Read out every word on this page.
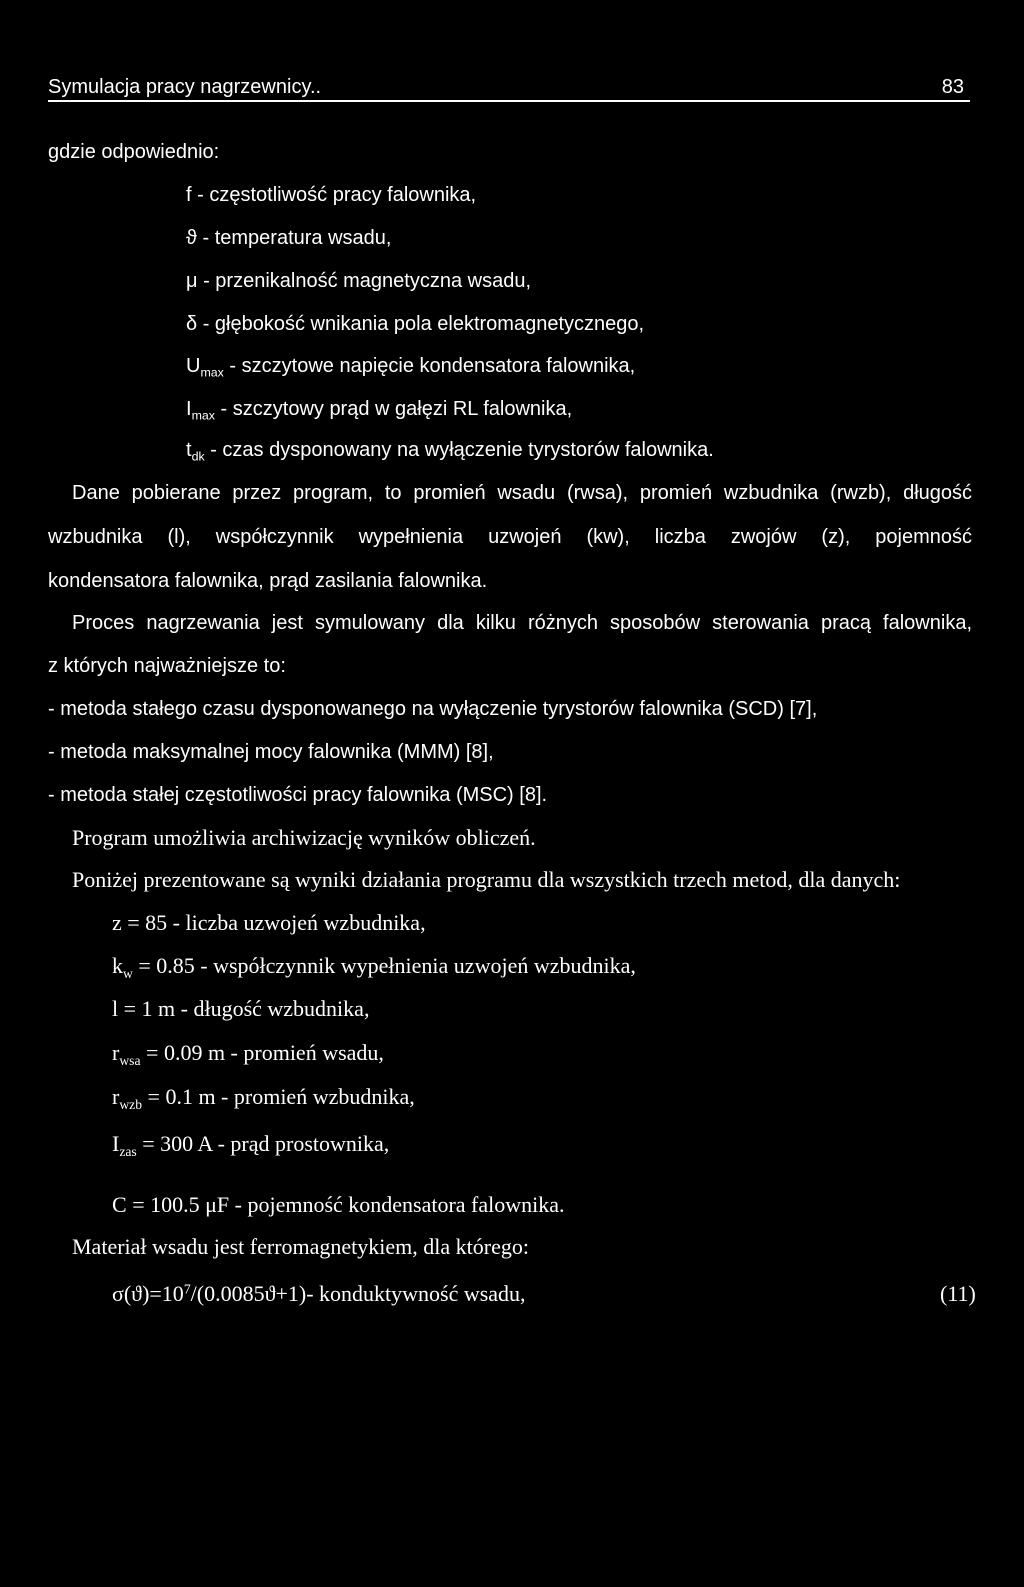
Symulacja pracy nagrzewnicy..	83
gdzie odpowiednio:
f - częstotliwość pracy falownika,
ϑ - temperatura wsadu,
μ - przenikalność magnetyczna wsadu,
δ - głębokość wnikania pola elektromagnetycznego,
$U_{max}$ - szczytowe napięcie kondensatora falownika,
$I_{max}$ - szczytowy prąd w gałęzi RL falownika,
$t_{dk}$ - czas dysponowany na wyłączenie tyrystorów falownika.
Dane pobierane przez program, to promień wsadu (rwsa), promień wzbudnika (rwzb), długość
wzbudnika (l), współczynnik wypełnienia uzwojeń (kw), liczba zwojów (z), pojemność
kondensatora falownika, prąd zasilania falownika.
Proces nagrzewania jest symulowany dla kilku różnych sposobów sterowania pracą falownika,
z których najważniejsze to:
- metoda stałego czasu dysponowanego na wyłączenie tyrystorów falownika (SCD) [7],
- metoda maksymalnej mocy falownika (MMM) [8],
- metoda stałej częstotliwości pracy falownika (MSC) [8].
Program umożliwia archiwizację wyników obliczeń.
Poniżej prezentowane są wyniki działania programu dla wszystkich trzech metod, dla danych:
z = 85 - liczba uzwojeń wzbudnika,
$k_w = 0.85$ - współczynnik wypełnienia uzwojeń wzbudnika,
l = 1 m - długość wzbudnika,
$r_{wsa} = 0.09$ m - promień wsadu,
$r_{wzb} = 0.1$ m - promień wzbudnika,
$I_{zas} = 300$ A - prąd prostownika,
C = 100.5 μF - pojemność kondensatora falownika.
Materiał wsadu jest ferromagnetykiem, dla którego:
$\sigma(ϑ)=10^7/(0.0085ϑ+1)-$ konduktywność wsadu,	(11)
